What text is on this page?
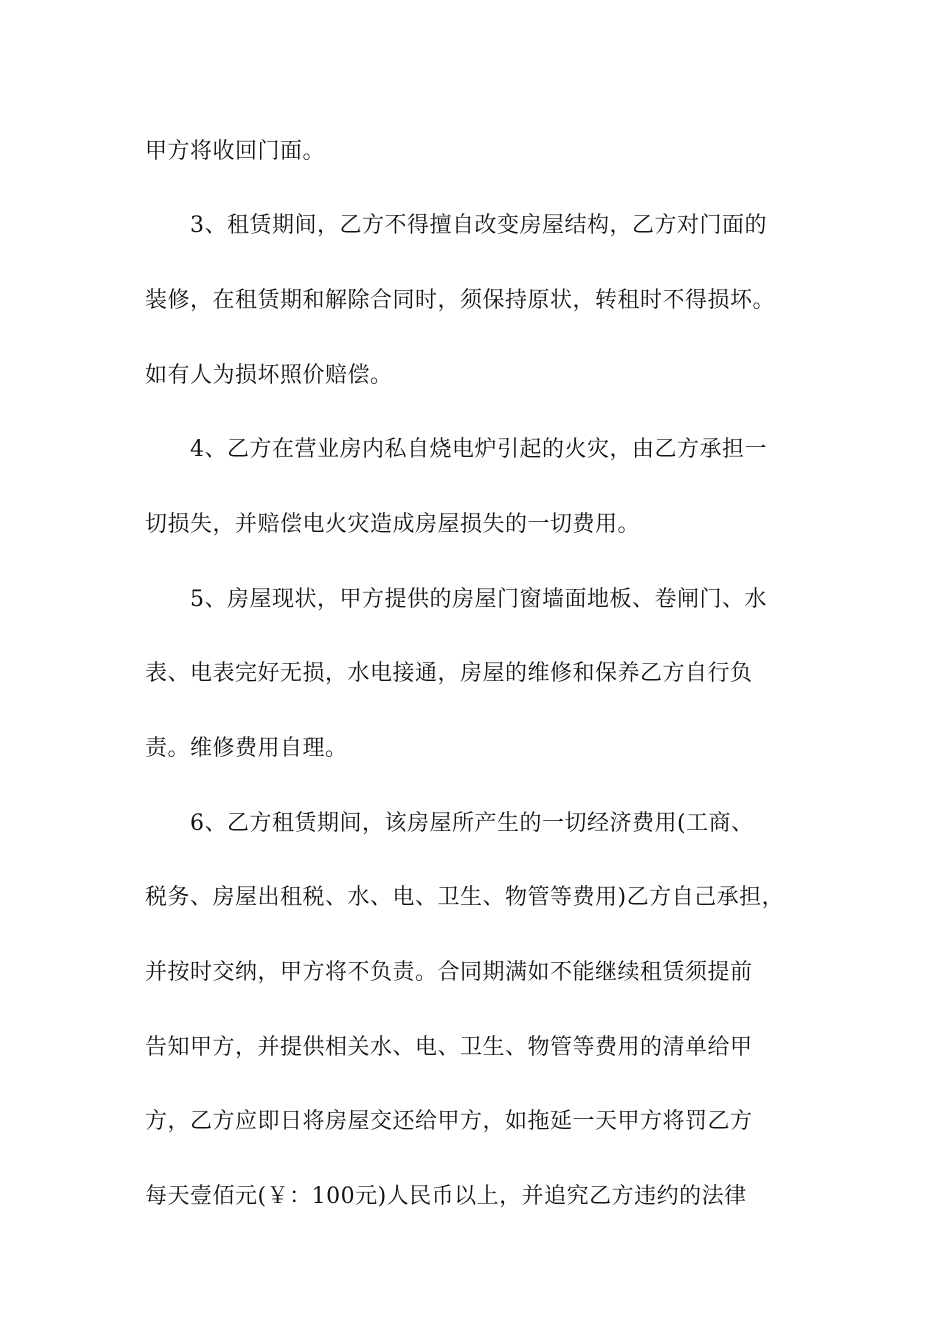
甲方将收回门面。
3、租赁期间，乙方不得擅自改变房屋结构，乙方对门面的
装修，在租赁期和解除合同时，须保持原状，转租时不得损坏。
如有人为损坏照价赔偿。
4、乙方在营业房内私自烧电炉引起的火灾，由乙方承担一
切损失，并赔偿电火灾造成房屋损失的一切费用。
5、房屋现状，甲方提供的房屋门窗墙面地板、卷闸门、水
表、电表完好无损，水电接通，房屋的维修和保养乙方自行负
责。维修费用自理。
6、乙方租赁期间，该房屋所产生的一切经济费用(工商、
税务、房屋出租税、水、电、卫生、物管等费用)乙方自己承担，
并按时交纳，甲方将不负责。合同期满如不能继续租赁须提前
告知甲方，并提供相关水、电、卫生、物管等费用的清单给甲
方，乙方应即日将房屋交还给甲方，如拖延一天甲方将罚乙方
每天壹佰元(￥：100元)人民币以上，并追究乙方违约的法律
